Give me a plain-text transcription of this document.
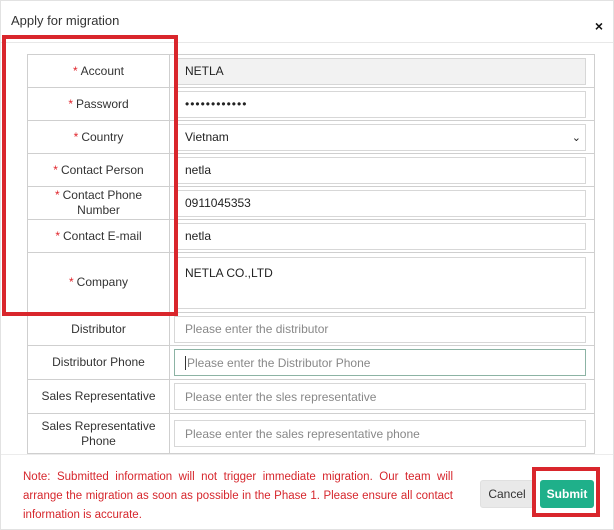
Apply for migration	×
* Account	NETLA

* Password	••••••••••••

* Country	Vietnam ⌄

* Contact Person	netla

* Contact Phone Number	0911045353

* Contact E-mail	netla

* Company	NETLA CO.,LTD

Distributor	Please enter the distributor

Distributor Phone	Please enter the Distributor Phone

Sales Representative	Please enter the sles representative

Sales Representative
Phone	Please enter the sales representative phone

Note: Submitted information will not trigger immediate migration. Our team will arrange the migration as soon as possible in the Phase 1. Please ensure all contact information is accurate.

Cancel	Submit
